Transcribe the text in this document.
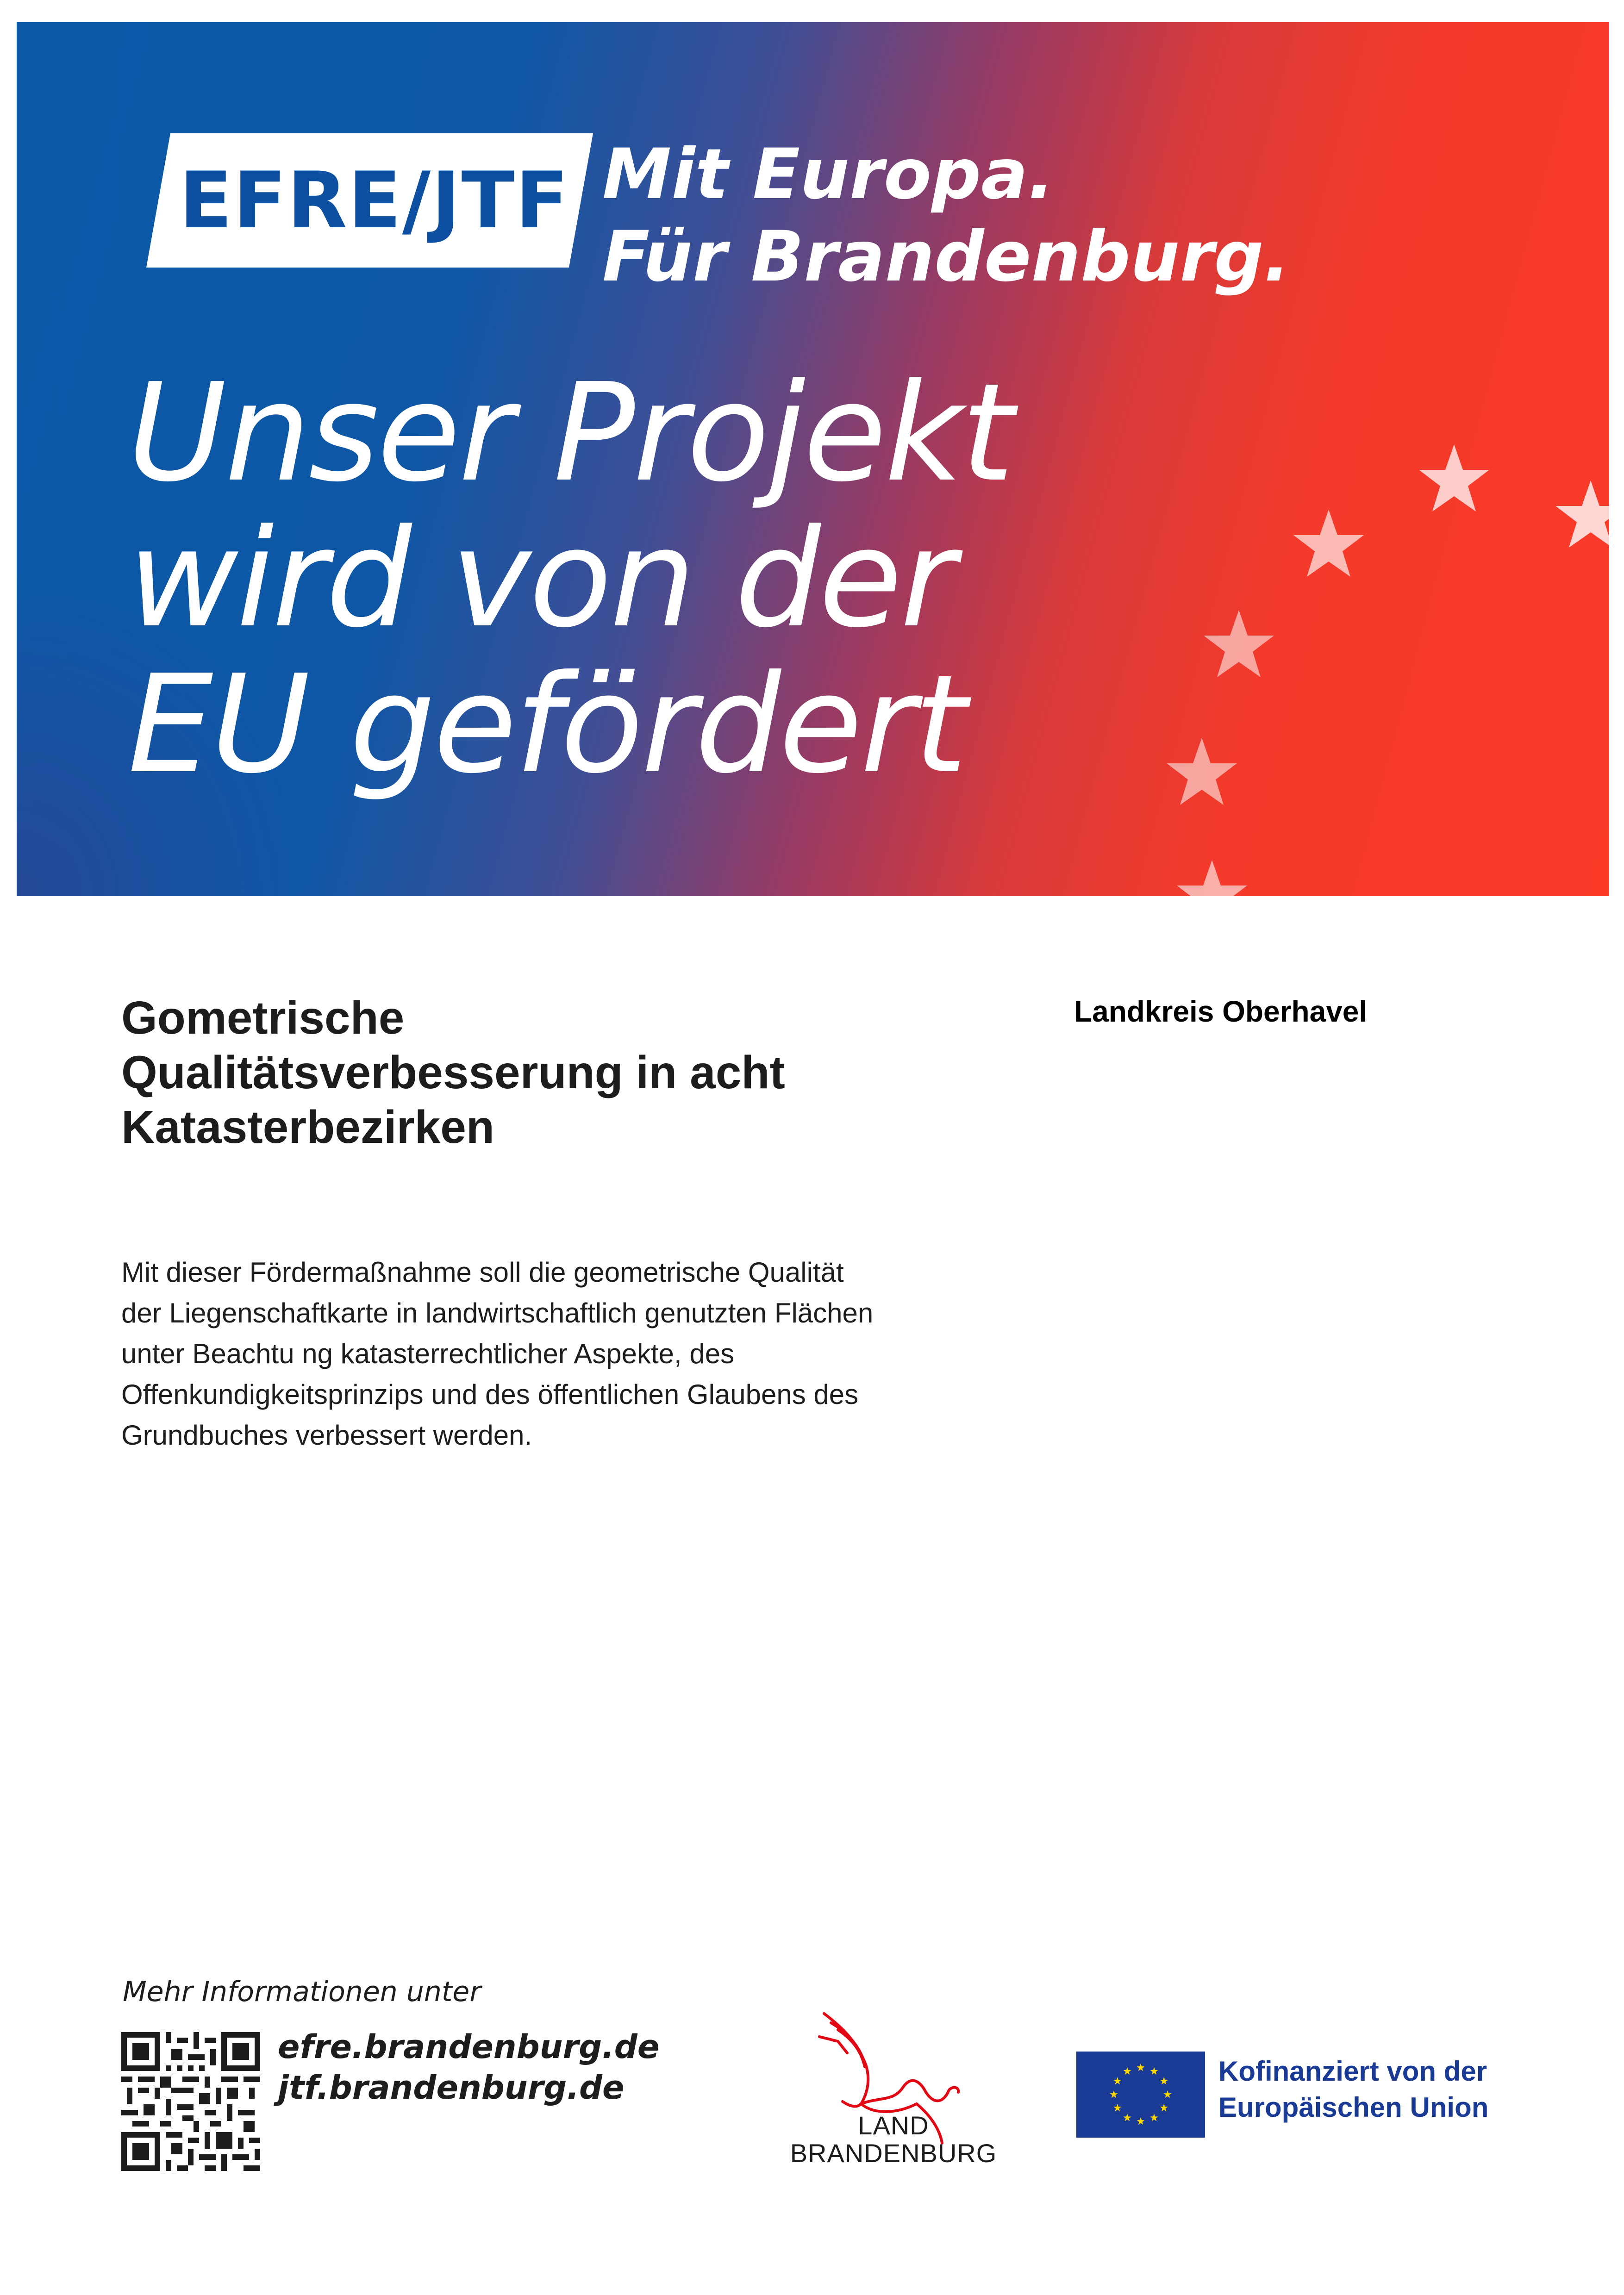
EFRE/JTF Mit Europa.
Für Brandenburg.
Unser Projekt
wird von der
EU gefördert
Gometrische
Qualitätsverbesserung in acht
Katasterbezirken
Landkreis Oberhavel
Mit dieser Fördermaßnahme soll die geometrische Qualität
der Liegenschaftkarte in landwirtschaftlich genutzten Flächen
unter Beachtu ng katasterrechtlicher Aspekte, des
Offenkundigkeitsprinzips und des öffentlichen Glaubens des
Grundbuches verbessert werden.
Mehr Informationen unter
efre.brandenburg.de
jtf.brandenburg.de
LAND
BRANDENBURG
Kofinanziert von der
Europäischen Union
